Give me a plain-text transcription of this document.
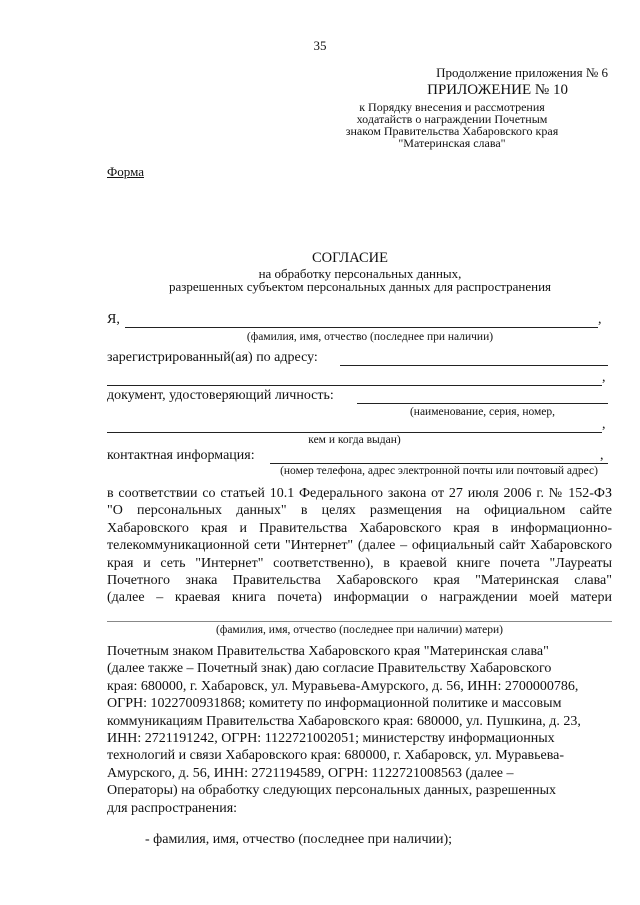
35
Продолжение приложения № 6
ПРИЛОЖЕНИЕ № 10
к Порядку внесения и рассмотрения
ходатайств о награждении Почетным
знаком Правительства Хабаровского края
"Материнская слава"
Форма
СОГЛАСИЕ
на обработку персональных данных,
разрешенных субъектом персональных данных для распространения
Я,	,
(фамилия, имя, отчество (последнее при наличии)
зарегистрированный(ая) по адресу:
,
документ, удостоверяющий личность:
(наименование, серия, номер,
,
кем и когда выдан)
контактная информация:	,
(номер телефона, адрес электронной почты или почтовый адрес)
в соответствии со статьей 10.1 Федерального закона от 27 июля 2006 г. № 152-ФЗ
"О персональных данных" в целях размещения на официальном сайте
Хабаровского края и Правительства Хабаровского края в информационно-
телекоммуникационной сети "Интернет" (далее – официальный сайт Хабаровского
края и сеть "Интернет" соответственно), в краевой книге почета "Лауреаты
Почетного знака Правительства Хабаровского края "Материнская слава"
(далее – краевая книга почета) информации о награждении моей матери
(фамилия, имя, отчество (последнее при наличии) матери)
Почетным знаком Правительства Хабаровского края "Материнская слава"
(далее также – Почетный знак) даю согласие Правительству Хабаровского
края: 680000, г. Хабаровск, ул. Муравьева-Амурского, д. 56, ИНН: 2700000786,
ОГРН: 1022700931868; комитету по информационной политике и массовым
коммуникациям Правительства Хабаровского края: 680000, ул. Пушкина, д. 23,
ИНН: 2721191242, ОГРН: 1122721002051; министерству информационных
технологий и связи Хабаровского края: 680000, г. Хабаровск, ул. Муравьева-
Амурского, д. 56, ИНН: 2721194589, ОГРН: 1122721008563 (далее –
Операторы) на обработку следующих персональных данных, разрешенных
для распространения:
- фамилия, имя, отчество (последнее при наличии);
